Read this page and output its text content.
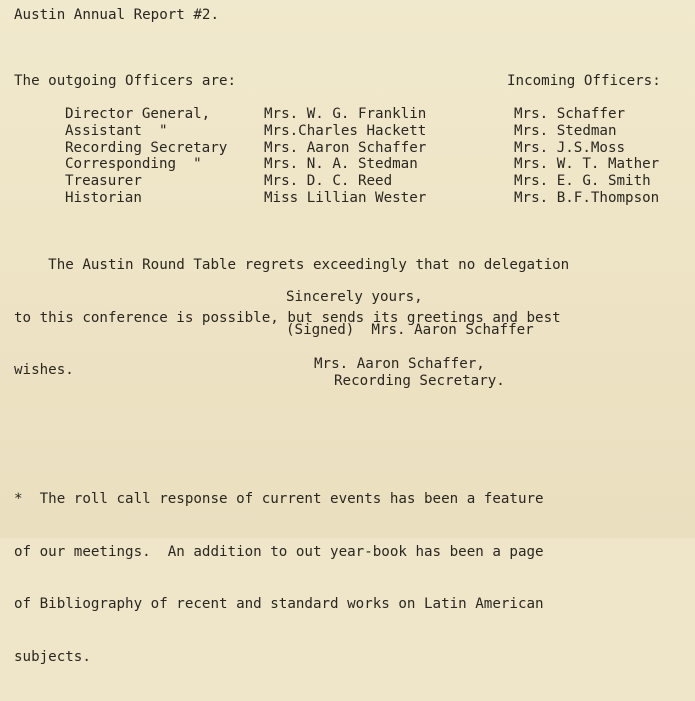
Austin Annual Report #2.
The outgoing Officers are:	Incoming Officers:
Director General,
Assistant  "
Recording Secretary
Corresponding  "
Treasurer
Historian
Mrs. W. G. Franklin
Mrs.Charles Hackett
Mrs. Aaron Schaffer
Mrs. N. A. Stedman
Mrs. D. C. Reed
Miss Lillian Wester
Mrs. Schaffer
Mrs. Stedman
Mrs. J.S.Moss
Mrs. W. T. Mather
Mrs. E. G. Smith
Mrs. B.F.Thompson

The Austin Round Table regrets exceedingly that no delegation

to this conference is possible, but sends its greetings and best

wishes.

Sincerely yours,
(Signed)  Mrs. Aaron Schaffer
Mrs. Aaron Schaffer,
Recording Secretary.

*  The roll call response of current events has been a feature

of our meetings.  An addition to out year-book has been a page

of Bibliography of recent and standard works on Latin American

subjects.
